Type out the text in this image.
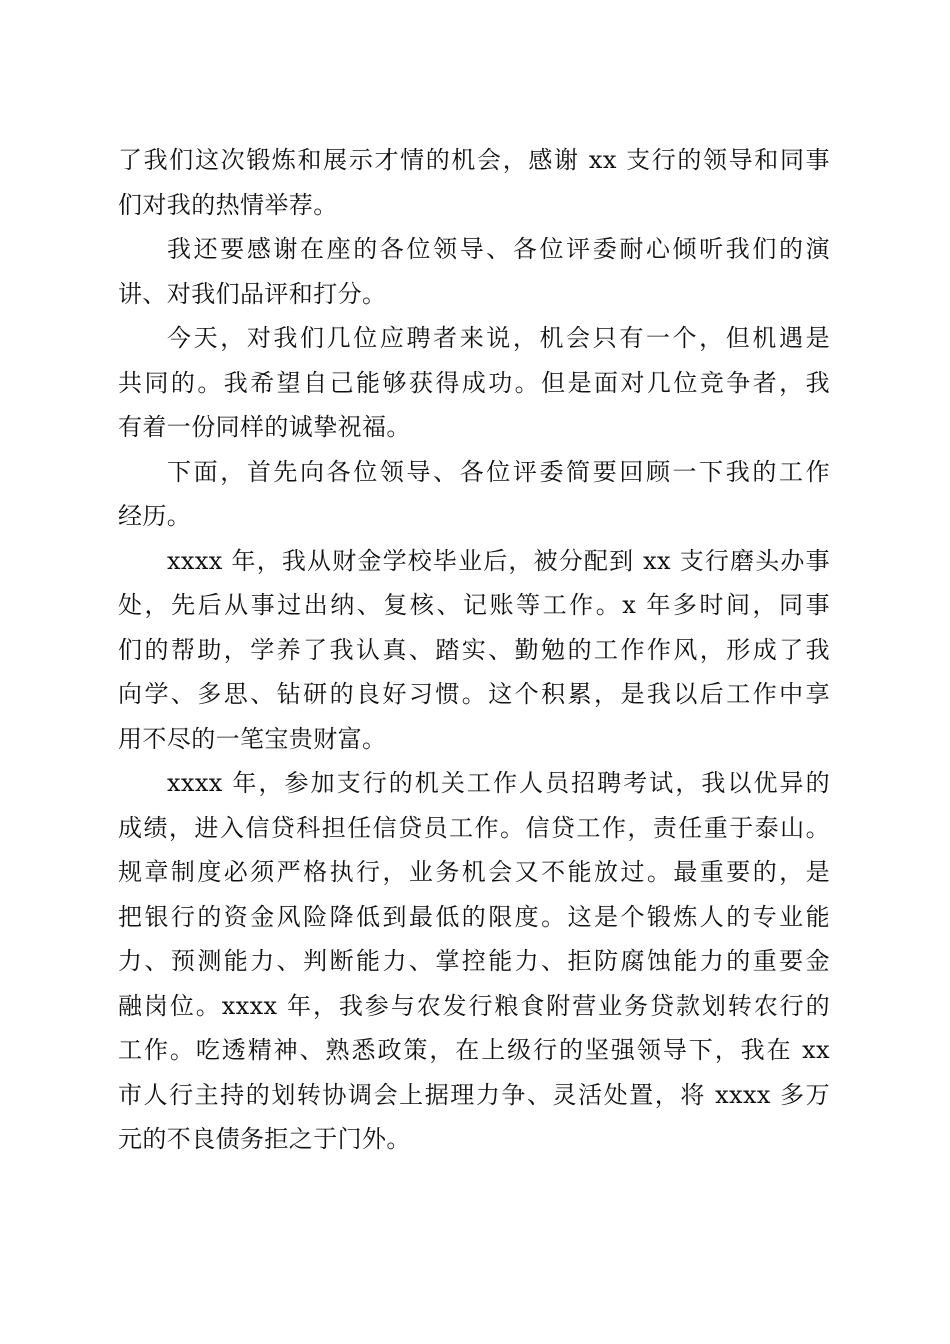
了我们这次锻炼和展示才情的机会，感谢 xx 支行的领导和同事
们对我的热情举荐。
我还要感谢在座的各位领导、各位评委耐心倾听我们的演
讲、对我们品评和打分。
今天，对我们几位应聘者来说，机会只有一个，但机遇是
共同的。我希望自己能够获得成功。但是面对几位竞争者，我
有着一份同样的诚挚祝福。
下面，首先向各位领导、各位评委简要回顾一下我的工作
经历。
xxxx 年，我从财金学校毕业后，被分配到 xx 支行磨头办事
处，先后从事过出纳、复核、记账等工作。x 年多时间，同事
们的帮助，学养了我认真、踏实、勤勉的工作作风，形成了我
向学、多思、钻研的良好习惯。这个积累，是我以后工作中享
用不尽的一笔宝贵财富。
xxxx 年，参加支行的机关工作人员招聘考试，我以优异的
成绩，进入信贷科担任信贷员工作。信贷工作，责任重于泰山。
规章制度必须严格执行，业务机会又不能放过。最重要的，是
把银行的资金风险降低到最低的限度。这是个锻炼人的专业能
力、预测能力、判断能力、掌控能力、拒防腐蚀能力的重要金
融岗位。xxxx 年，我参与农发行粮食附营业务贷款划转农行的
工作。吃透精神、熟悉政策，在上级行的坚强领导下，我在 xx
市人行主持的划转协调会上据理力争、灵活处置，将 xxxx 多万
元的不良债务拒之于门外。
